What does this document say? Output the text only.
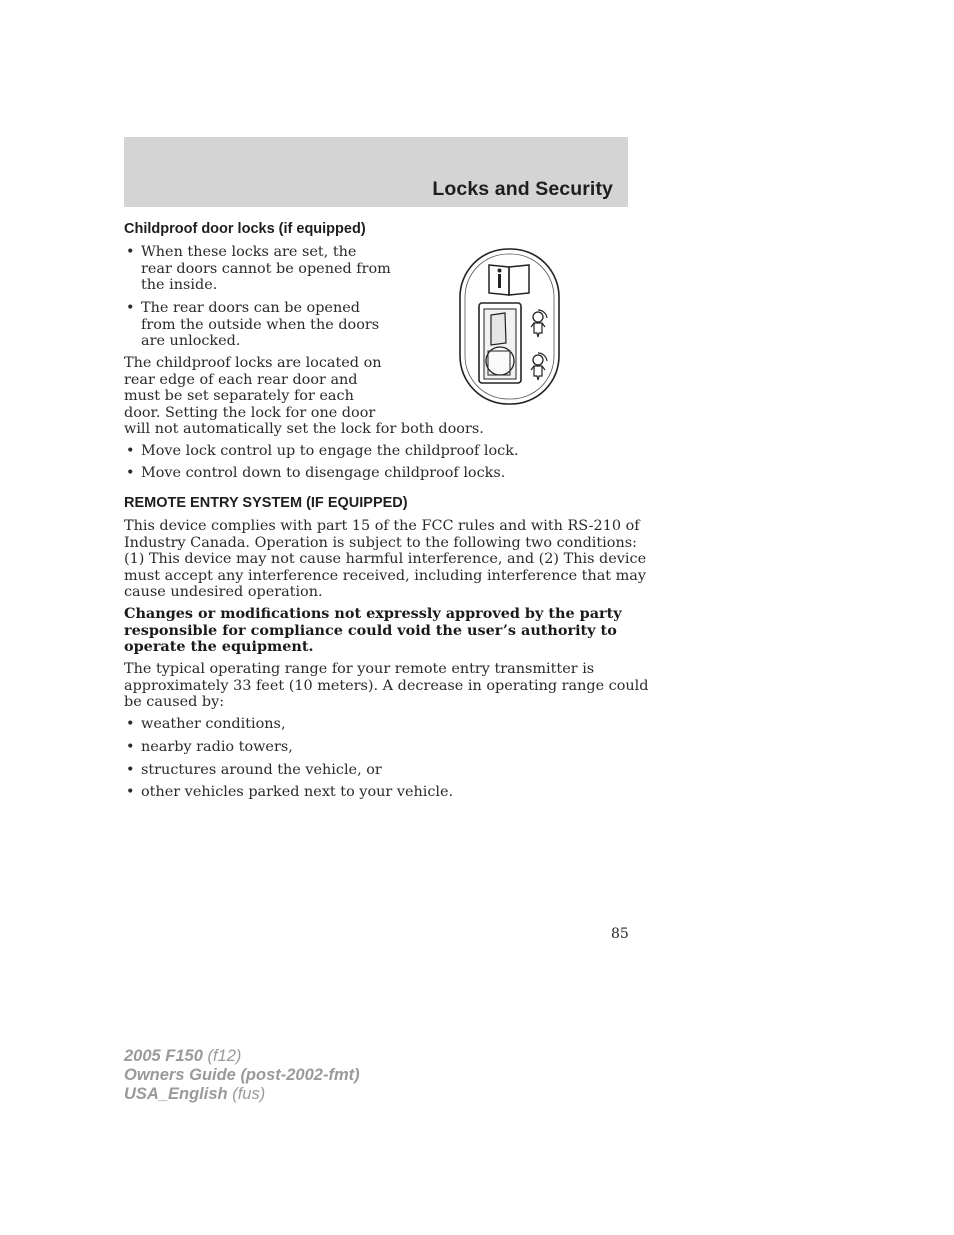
Locks and Security
Childproof door locks (if equipped)
• When these locks are set, the
rear doors cannot be opened from
the inside.
• The rear doors can be opened
from the outside when the doors
are unlocked.
The childproof locks are located on
rear edge of each rear door and
must be set separately for each
door. Setting the lock for one door
will not automatically set the lock for both doors.
• Move lock control up to engage the childproof lock.
• Move control down to disengage childproof locks.
REMOTE ENTRY SYSTEM (IF EQUIPPED)
This device complies with part 15 of the FCC rules and with RS-210 of
Industry Canada. Operation is subject to the following two conditions:
(1) This device may not cause harmful interference, and (2) This device
must accept any interference received, including interference that may
cause undesired operation.
Changes or modifications not expressly approved by the party
responsible for compliance could void the user’s authority to
operate the equipment.
The typical operating range for your remote entry transmitter is
approximately 33 feet (10 meters). A decrease in operating range could
be caused by:
• weather conditions,
• nearby radio towers,
• structures around the vehicle, or
• other vehicles parked next to your vehicle.
85
2005 F150 (f12)
Owners Guide (post-2002-fmt)
USA_English (fus)
